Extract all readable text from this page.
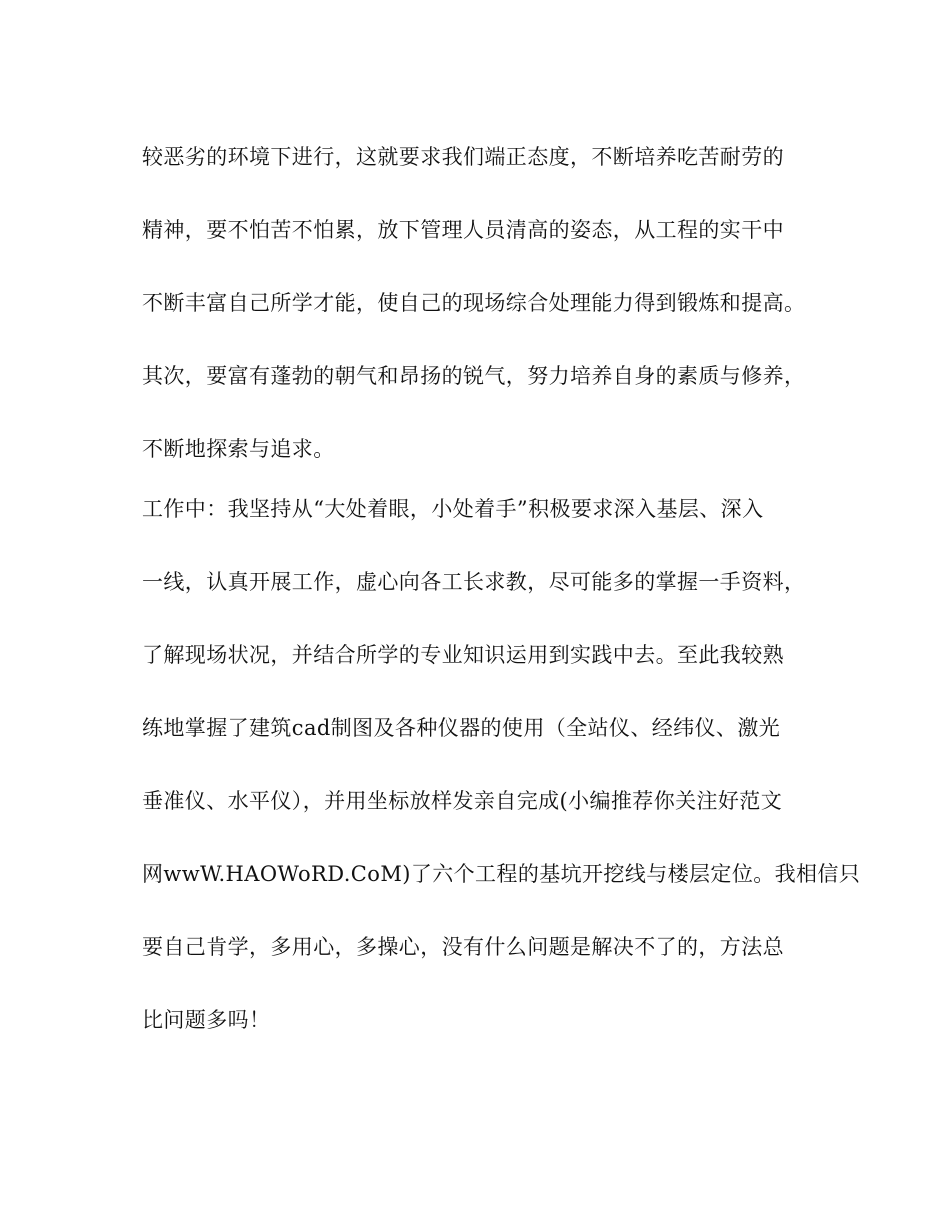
较恶劣的环境下进行，这就要求我们端正态度，不断培养吃苦耐劳的
精神，要不怕苦不怕累，放下管理人员清高的姿态，从工程的实干中
不断丰富自己所学才能，使自己的现场综合处理能力得到锻炼和提高。
其次，要富有蓬勃的朝气和昂扬的锐气，努力培养自身的素质与修养，
不断地探索与追求。
工作中：我坚持从“大处着眼，小处着手”积极要求深入基层、深入
一线，认真开展工作，虚心向各工长求教，尽可能多的掌握一手资料，
了解现场状况，并结合所学的专业知识运用到实践中去。至此我较熟
练地掌握了建筑cad制图及各种仪器的使用（全站仪、经纬仪、激光
垂准仪、水平仪），并用坐标放样发亲自完成(小编推荐你关注好范文
网wwW.HAOWoRD.CoM)了六个工程的基坑开挖线与楼层定位。我相信只
要自己肯学，多用心，多操心，没有什么问题是解决不了的，方法总
比问题多吗！
